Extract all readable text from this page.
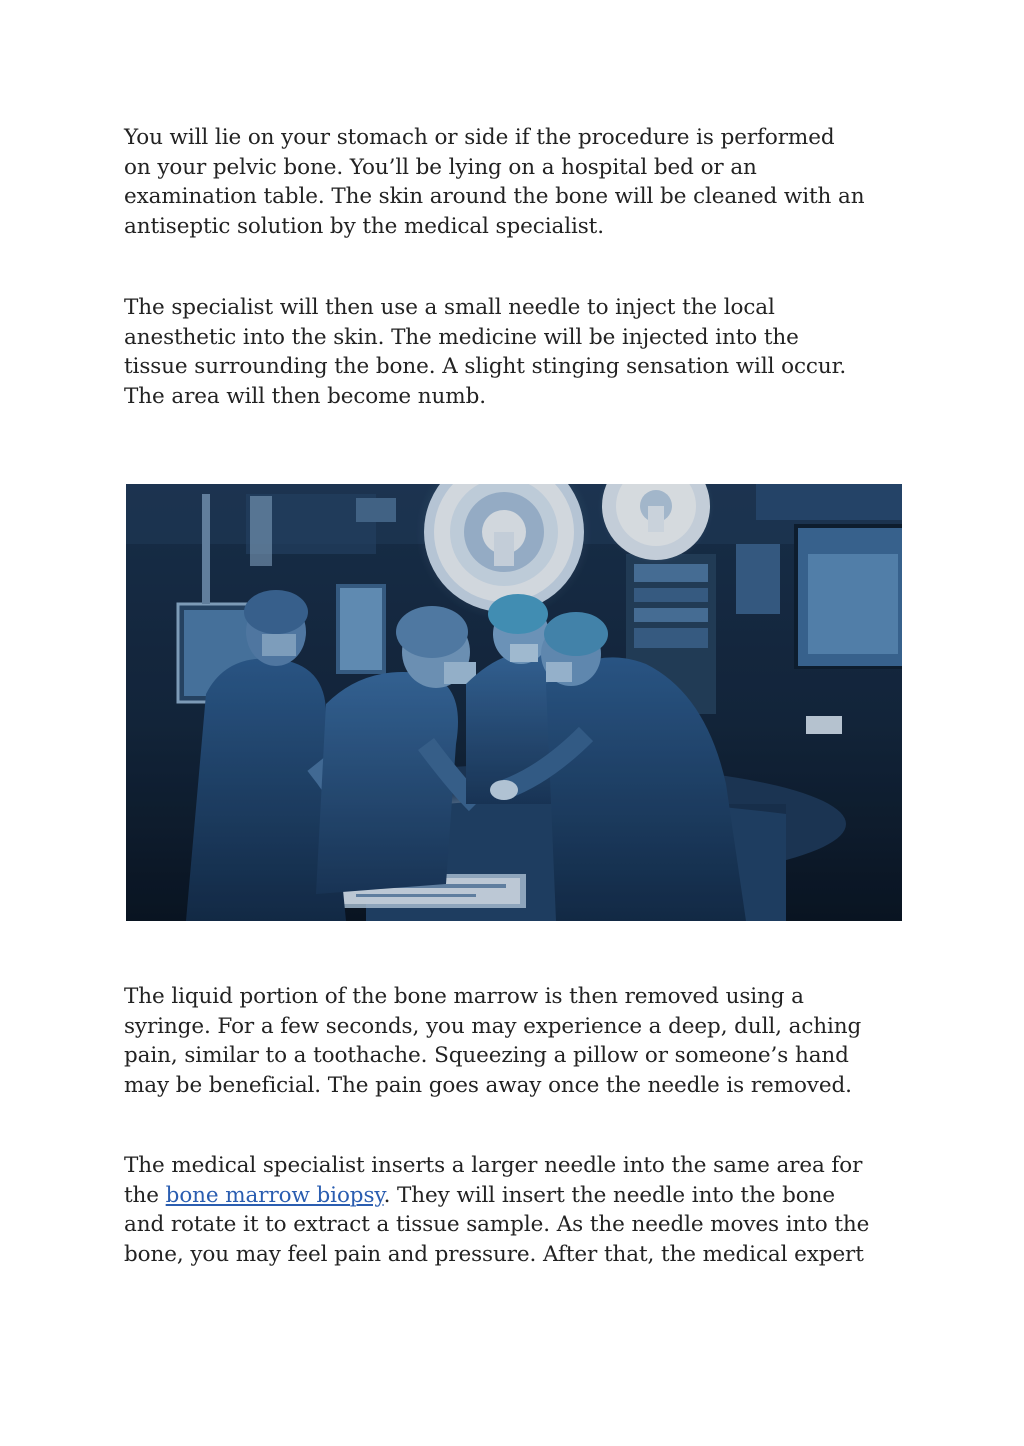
You will lie on your stomach or side if the procedure is performed
on your pelvic bone. You’ll be lying on a hospital bed or an
examination table. The skin around the bone will be cleaned with an
antiseptic solution by the medical specialist.

The specialist will then use a small needle to inject the local
anesthetic into the skin. The medicine will be injected into the
tissue surrounding the bone. A slight stinging sensation will occur.
The area will then become numb.

The liquid portion of the bone marrow is then removed using a
syringe. For a few seconds, you may experience a deep, dull, aching
pain, similar to a toothache. Squeezing a pillow or someone’s hand
may be beneficial. The pain goes away once the needle is removed.

The medical specialist inserts a larger needle into the same area for
the bone marrow biopsy. They will insert the needle into the bone
and rotate it to extract a tissue sample. As the needle moves into the
bone, you may feel pain and pressure. After that, the medical expert
